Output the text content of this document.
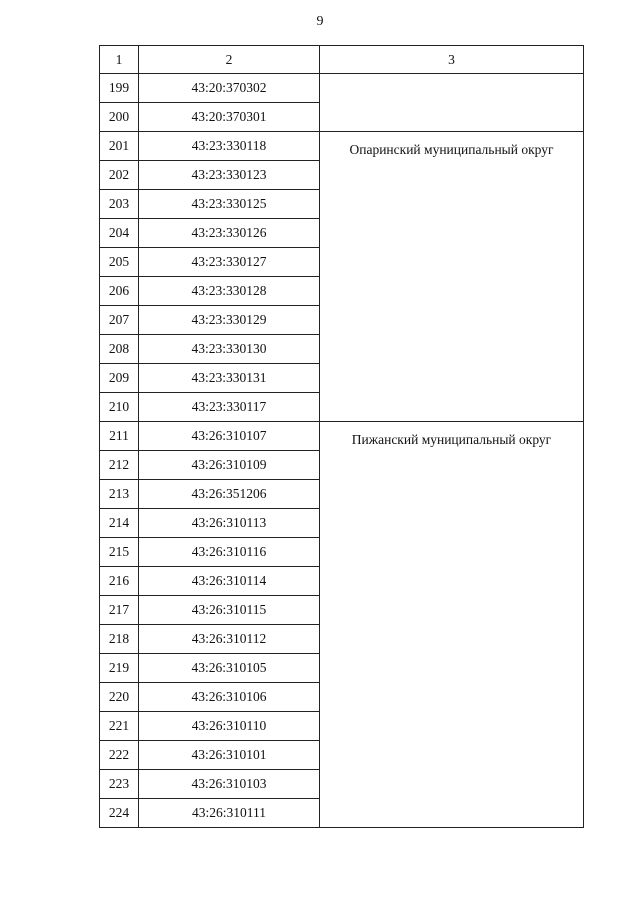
9
1	2	3
199	43:20:370302	
200	43:20:370301	
201	43:23:330118	Опаринский муниципальный округ
202	43:23:330123	
203	43:23:330125	
204	43:23:330126	
205	43:23:330127	
206	43:23:330128	
207	43:23:330129	
208	43:23:330130	
209	43:23:330131	
210	43:23:330117	
211	43:26:310107	Пижанский муниципальный округ
212	43:26:310109	
213	43:26:351206	
214	43:26:310113	
215	43:26:310116	
216	43:26:310114	
217	43:26:310115	
218	43:26:310112	
219	43:26:310105	
220	43:26:310106	
221	43:26:310110	
222	43:26:310101	
223	43:26:310103	
224	43:26:310111	
